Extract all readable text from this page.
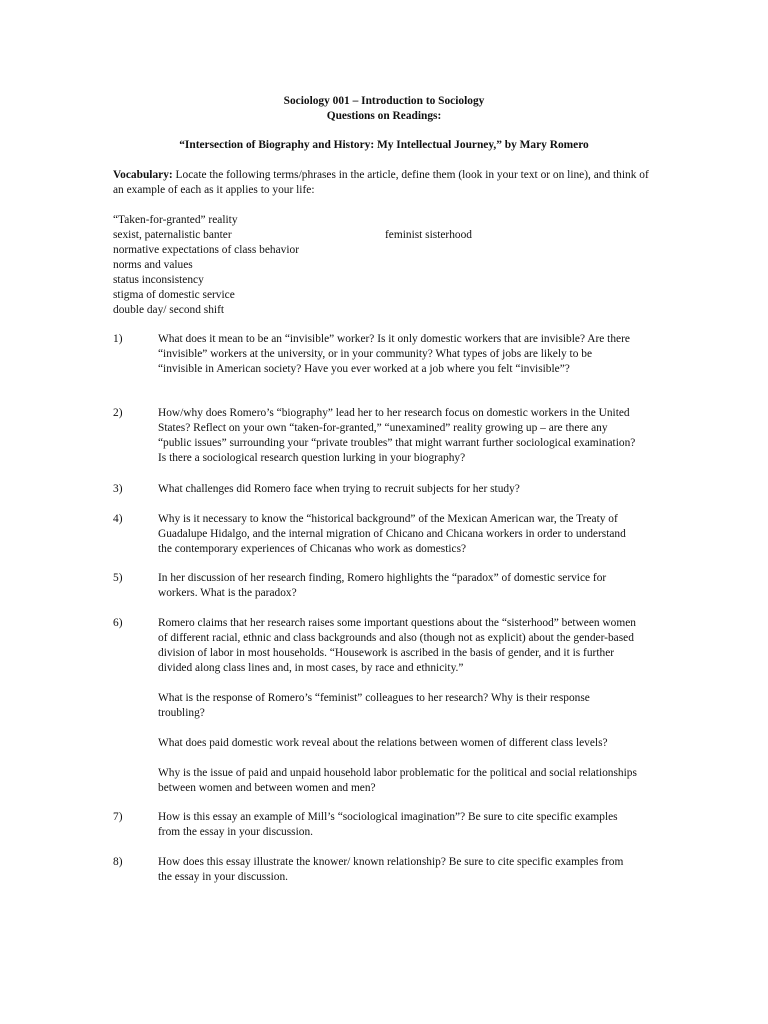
Sociology 001 – Introduction to Sociology
Questions on Readings:
“Intersection of Biography and History: My Intellectual Journey,” by Mary Romero
Vocabulary: Locate the following terms/phrases in the article, define them (look in your text or on line), and think of an example of each as it applies to your life:
“Taken-for-granted” reality
sexist, paternalistic banter	feminist sisterhood
normative expectations of class behavior
norms and values
status inconsistency
stigma of domestic service
double day/ second shift
1)	What does it mean to be an “invisible” worker? Is it only domestic workers that are invisible? Are there “invisible” workers at the university, or in your community? What types of jobs are likely to be “invisible in American society? Have you ever worked at a job where you felt “invisible”?

2)	How/why does Romero’s “biography” lead her to her research focus on domestic workers in the United States? Reflect on your own “taken-for-granted,” “unexamined” reality growing up – are there any “public issues” surrounding your “private troubles” that might warrant further sociological examination? Is there a sociological research question lurking in your biography?

3)	What challenges did Romero face when trying to recruit subjects for her study?

4)	Why is it necessary to know the “historical background” of the Mexican American war, the Treaty of Guadalupe Hidalgo, and the internal migration of Chicano and Chicana workers in order to understand the contemporary experiences of Chicanas who work as domestics?

5)	In her discussion of her research finding, Romero highlights the “paradox” of domestic service for workers. What is the paradox?

6)	Romero claims that her research raises some important questions about the “sisterhood” between women of different racial, ethnic and class backgrounds and also (though not as explicit) about the gender-based division of labor in most households. “Housework is ascribed in the basis of gender, and it is further divided along class lines and, in most cases, by race and ethnicity.”

What is the response of Romero’s “feminist” colleagues to her research? Why is their response troubling?

What does paid domestic work reveal about the relations between women of different class levels?

Why is the issue of paid and unpaid household labor problematic for the political and social relationships between women and between women and men?

7)	How is this essay an example of Mill’s “sociological imagination”? Be sure to cite specific examples from the essay in your discussion.

8)	How does this essay illustrate the knower/ known relationship? Be sure to cite specific examples from the essay in your discussion.
